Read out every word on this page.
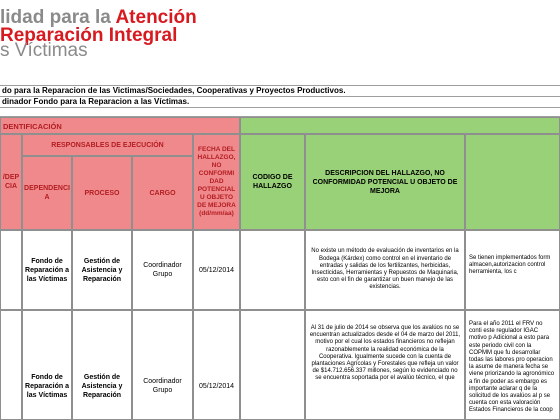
lidad para la Atención
Reparación Integral
s Víctimas
do para la Reparacion de las Victimas/Sociedades, Cooperativas y Proyectos Productivos.
dinador Fondo para la Reparacion a las Víctimas.
DENTIFICACIÓN
/DEP
CIA
RESPONSABLES DE EJECUCIÓN
DEPENDENCI
A
PROCESO	CARGO
FECHA DEL
HALLAZGO,
NO
CONFORMI
DAD
POTENCIAL
U OBJETO
DE MEJORA
(dd/mm/aa)
CODIGO DE
HALLAZGO
DESCRIPCION DEL HALLAZGO, NO
CONFORMIDAD POTENCIAL U OBJETO DE
MEJORA
Fondo de Reparación a las Víctimas
Gestión de Asistencia y Reparación
Coordinador Grupo
05/12/2014
No existe un método de evaluación de inventarios en la Bodega (Kárdex) como control en el inventario de entradas y salidas de los fertilizantes, herbicidas, Insecticidas, Herramientas y Repuestos de Maquinaria, esto con el fin de garantizar un buen manejo de las existencias.
Se tienen implementados form almacen,autorizacion control herramienta, los c
Fondo de Reparación a las Víctimas
Gestión de Asistencia y Reparación
Coordinador Grupo
05/12/2014
Al 31 de julio de 2014 se observa que los avalúos no se encuentran actualizados desde el 04 de marzo del 2011, motivo por el cual los estados financieros no reflejan razonablemente la realidad económica de la Cooperativa. Igualmente sucede con la cuenta de plantaciones Agrícolas y Forestales que refleja un valor de $14.712.656.337 millones, según lo evidenciado no se encuentra soportada por el avalúo técnico, el que
Para el año 2011 el FRV no conti este regulador IGAC motivo p Adicional a esto para este periodo civil con la COPMM que fu desarrollar todas las labores pro operacion la asume de manera fecha se viene priorizando la agronómico a fin de poder as embargo es importante aclarar q de la solicitud de los avalúos al p se cuenta con esta valoración Estados Financieros de la coop
